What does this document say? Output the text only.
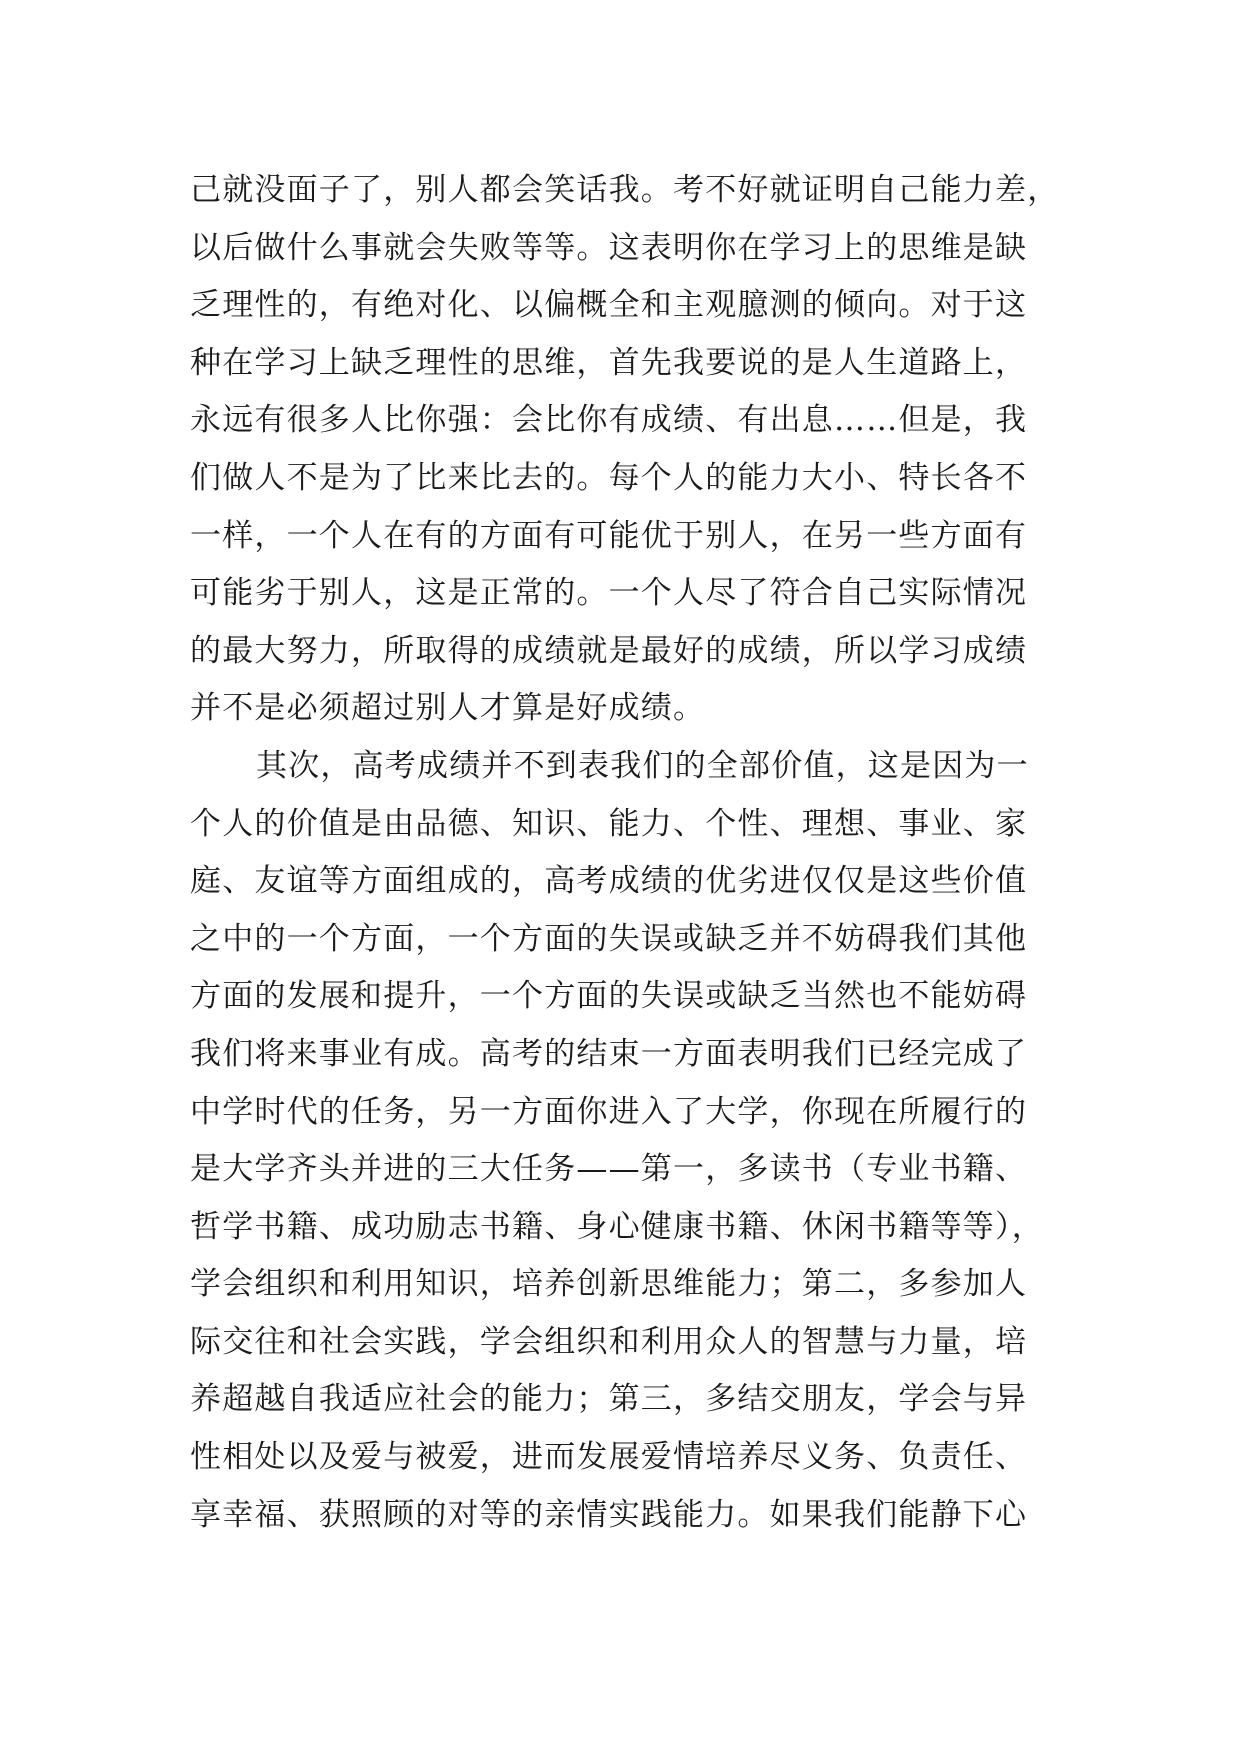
己就没面子了，别人都会笑话我。考不好就证明自己能力差，
以后做什么事就会失败等等。这表明你在学习上的思维是缺
乏理性的，有绝对化、以偏概全和主观臆测的倾向。对于这
种在学习上缺乏理性的思维，首先我要说的是人生道路上，
永远有很多人比你强：会比你有成绩、有出息……但是，我
们做人不是为了比来比去的。每个人的能力大小、特长各不
一样，一个人在有的方面有可能优于别人，在另一些方面有
可能劣于别人，这是正常的。一个人尽了符合自己实际情况
的最大努力，所取得的成绩就是最好的成绩，所以学习成绩
并不是必须超过别人才算是好成绩。
其次，高考成绩并不到表我们的全部价值，这是因为一
个人的价值是由品德、知识、能力、个性、理想、事业、家
庭、友谊等方面组成的，高考成绩的优劣进仅仅是这些价值
之中的一个方面，一个方面的失误或缺乏并不妨碍我们其他
方面的发展和提升，一个方面的失误或缺乏当然也不能妨碍
我们将来事业有成。高考的结束一方面表明我们已经完成了
中学时代的任务，另一方面你进入了大学，你现在所履行的
是大学齐头并进的三大任务——第一，多读书（专业书籍、
哲学书籍、成功励志书籍、身心健康书籍、休闲书籍等等），
学会组织和利用知识，培养创新思维能力；第二，多参加人
际交往和社会实践，学会组织和利用众人的智慧与力量，培
养超越自我适应社会的能力；第三，多结交朋友，学会与异
性相处以及爱与被爱，进而发展爱情培养尽义务、负责任、
享幸福、获照顾的对等的亲情实践能力。如果我们能静下心
